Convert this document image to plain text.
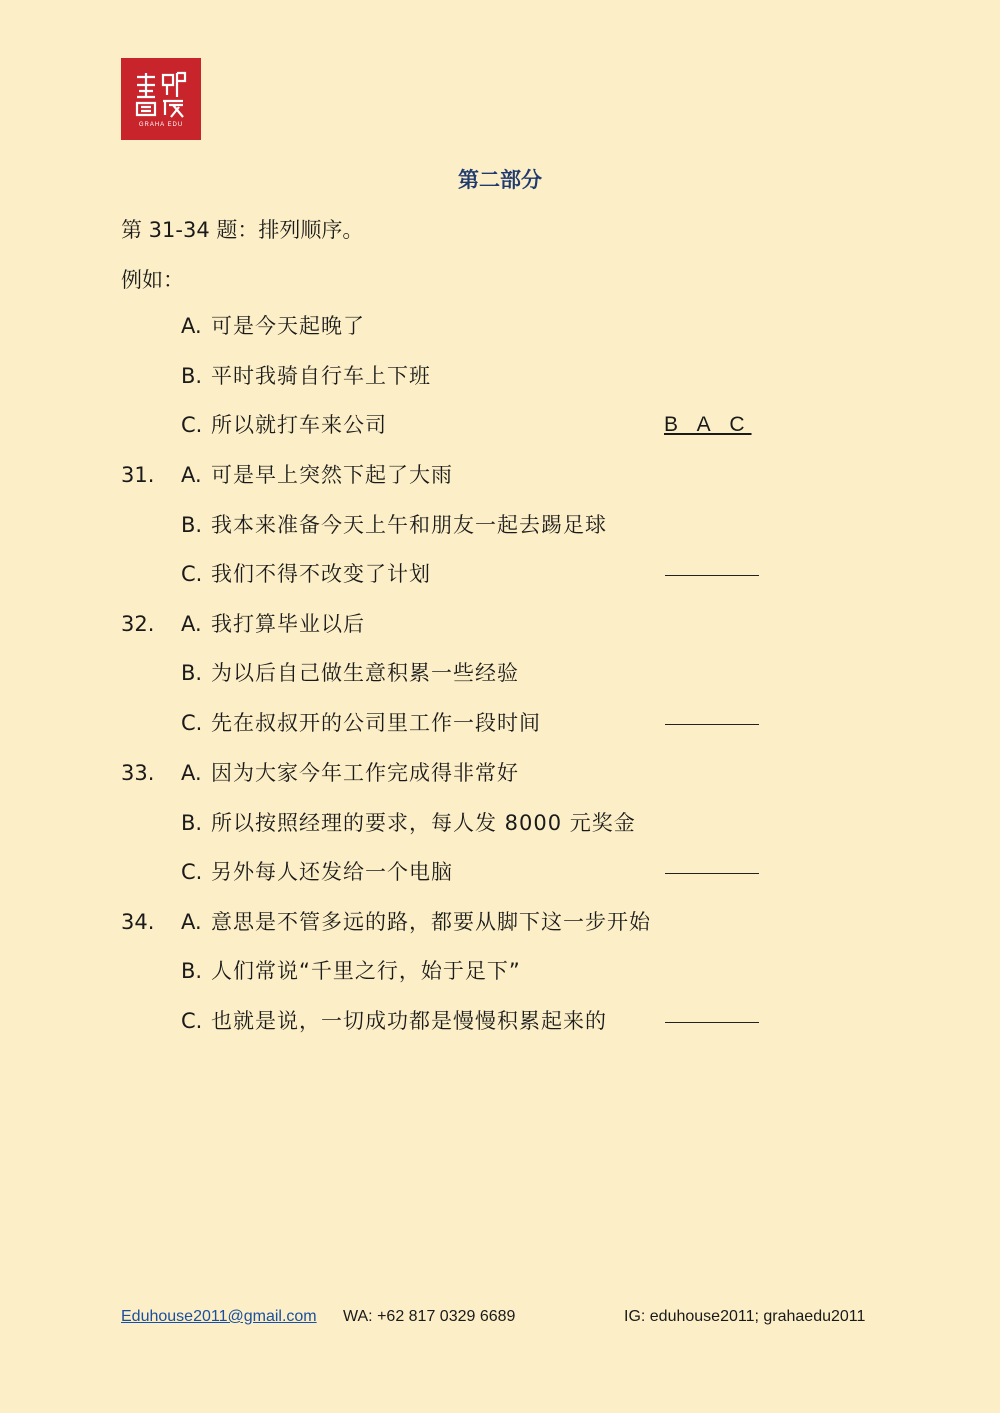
GRAHA EDU
第二部分
第 31-34 题：排列顺序。
例如：
A. 可是今天起晚了
B. 平时我骑自行车上下班
C. 所以就打车来公司	B A C
31. A. 可是早上突然下起了大雨
B. 我本来准备今天上午和朋友一起去踢足球
C. 我们不得不改变了计划
32. A. 我打算毕业以后
B. 为以后自己做生意积累一些经验
C. 先在叔叔开的公司里工作一段时间
33. A. 因为大家今年工作完成得非常好
B. 所以按照经理的要求，每人发 8000 元奖金
C. 另外每人还发给一个电脑
34. A. 意思是不管多远的路，都要从脚下这一步开始
B. 人们常说“千里之行，始于足下”
C. 也就是说，一切成功都是慢慢积累起来的
Eduhouse2011@gmail.com WA: +62 817 0329 6689	IG: eduhouse2011; grahaedu2011
